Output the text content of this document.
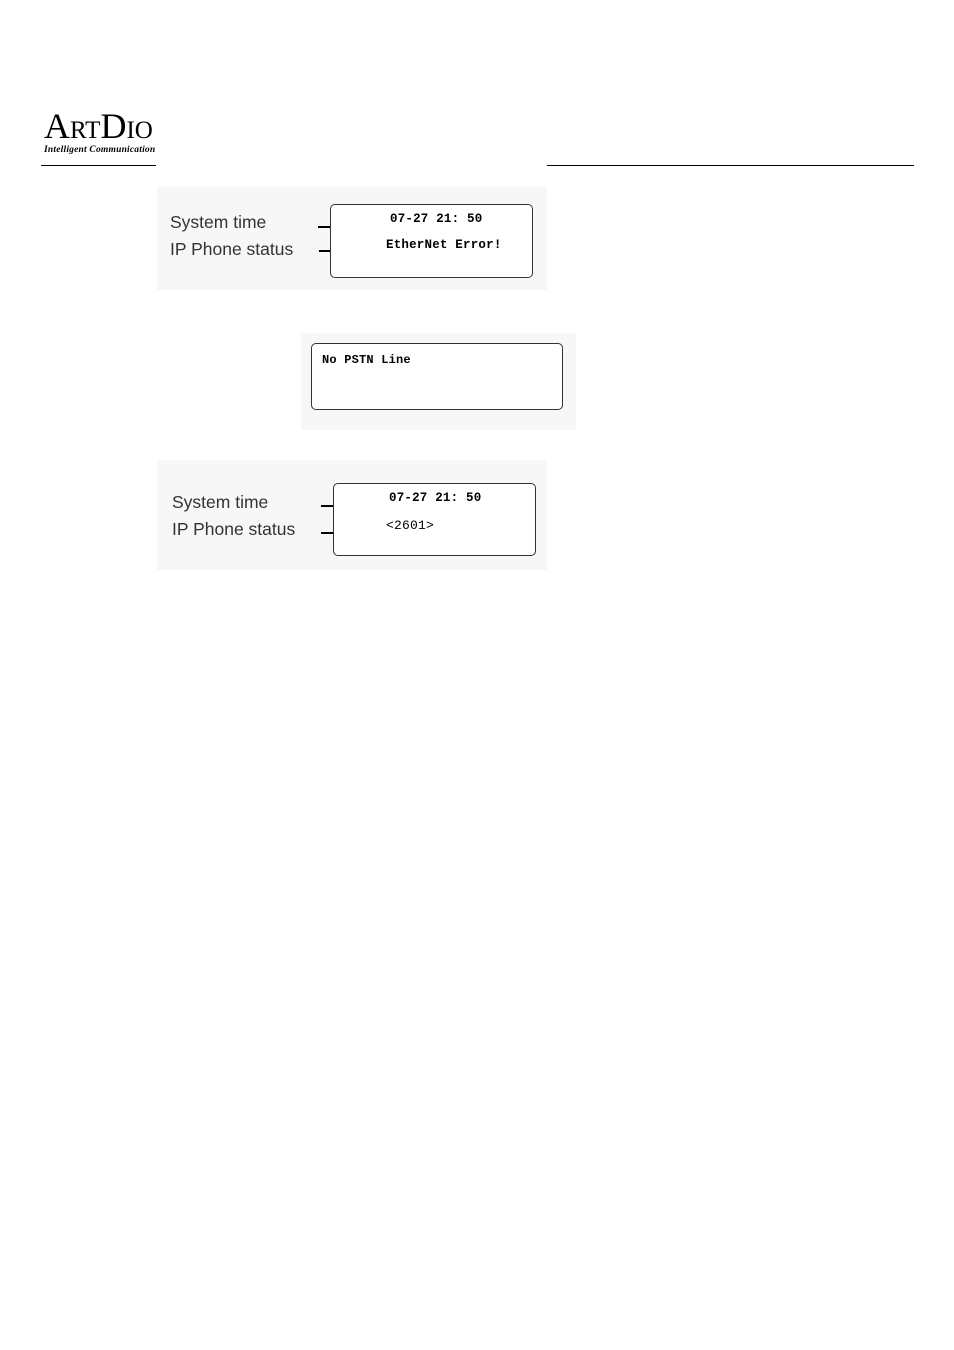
ARTDIO
Intelligent Communication
System time
IP Phone status
07-27 21: 50
EtherNet Error!
No PSTN Line
System time
IP Phone status
07-27 21: 50
<2601>
